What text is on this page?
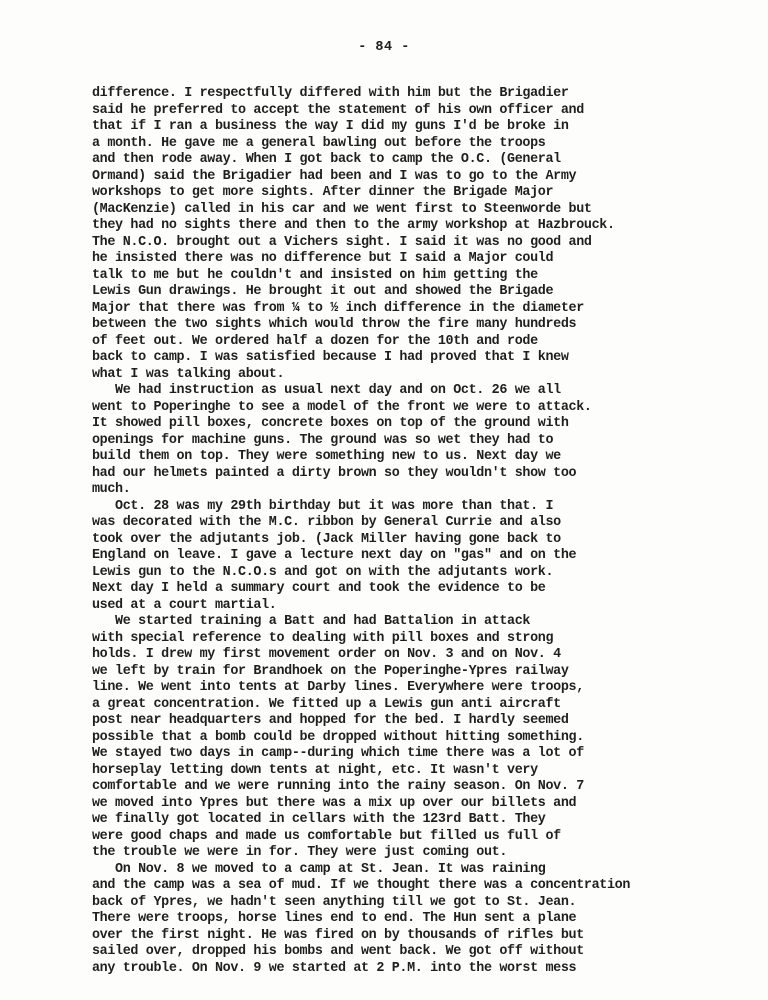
- 84 -
difference. I respectfully differed with him but the Brigadier
said he preferred to accept the statement of his own officer and
that if I ran a business the way I did my guns I'd be broke in
a month. He gave me a general bawling out before the troops
and then rode away. When I got back to camp the O.C. (General
Ormand) said the Brigadier had been and I was to go to the Army
workshops to get more sights. After dinner the Brigade Major
(MacKenzie) called in his car and we went first to Steenworde but
they had no sights there and then to the army workshop at Hazbrouck.
The N.C.O. brought out a Vichers sight. I said it was no good and
he insisted there was no difference but I said a Major could
talk to me but he couldn't and insisted on him getting the
Lewis Gun drawings. He brought it out and showed the Brigade
Major that there was from ¼ to ½ inch difference in the diameter
between the two sights which would throw the fire many hundreds
of feet out. We ordered half a dozen for the 10th and rode
back to camp. I was satisfied because I had proved that I knew
what I was talking about.
We had instruction as usual next day and on Oct. 26 we all
went to Poperinghe to see a model of the front we were to attack.
It showed pill boxes, concrete boxes on top of the ground with
openings for machine guns. The ground was so wet they had to
build them on top. They were something new to us. Next day we
had our helmets painted a dirty brown so they wouldn't show too
much.
Oct. 28 was my 29th birthday but it was more than that. I
was decorated with the M.C. ribbon by General Currie and also
took over the adjutants job. (Jack Miller having gone back to
England on leave. I gave a lecture next day on "gas" and on the
Lewis gun to the N.C.O.s and got on with the adjutants work.
Next day I held a summary court and took the evidence to be
used at a court martial.
We started training a Batt and had Battalion in attack
with special reference to dealing with pill boxes and strong
holds. I drew my first movement order on Nov. 3 and on Nov. 4
we left by train for Brandhoek on the Poperinghe-Ypres railway
line. We went into tents at Darby lines. Everywhere were troops,
a great concentration. We fitted up a Lewis gun anti aircraft
post near headquarters and hopped for the bed. I hardly seemed
possible that a bomb could be dropped without hitting something.
We stayed two days in camp--during which time there was a lot of
horseplay letting down tents at night, etc. It wasn't very
comfortable and we were running into the rainy season. On Nov. 7
we moved into Ypres but there was a mix up over our billets and
we finally got located in cellars with the 123rd Batt. They
were good chaps and made us comfortable but filled us full of
the trouble we were in for. They were just coming out.
On Nov. 8 we moved to a camp at St. Jean. It was raining
and the camp was a sea of mud. If we thought there was a concentration
back of Ypres, we hadn't seen anything till we got to St. Jean.
There were troops, horse lines end to end. The Hun sent a plane
over the first night. He was fired on by thousands of rifles but
sailed over, dropped his bombs and went back. We got off without
any trouble. On Nov. 9 we started at 2 P.M. into the worst mess
